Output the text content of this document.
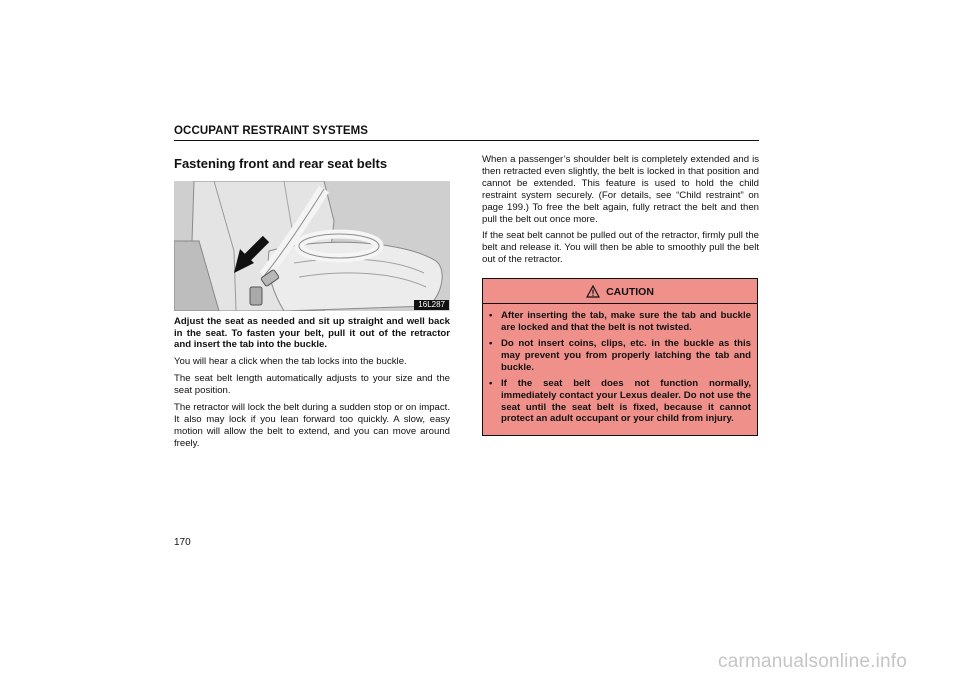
OCCUPANT RESTRAINT SYSTEMS
Fastening front and rear seat belts
16L287

Adjust the seat as needed and sit up straight and well back in the seat. To fasten your belt, pull it out of the retractor and insert the tab into the buckle.

You will hear a click when the tab locks into the buckle.

The seat belt length automatically adjusts to your size and the seat position.

The retractor will lock the belt during a sudden stop or on impact. It also may lock if you lean forward too quickly. A slow, easy motion will allow the belt to extend, and you can move around freely.

When a passenger’s shoulder belt is completely extended and is then retracted even slightly, the belt is locked in that position and cannot be extended. This feature is used to hold the child restraint system securely. (For details, see “Child restraint” on page 199.) To free the belt again, fully retract the belt and then pull the belt out once more.

If the seat belt cannot be pulled out of the retractor, firmly pull the belt and release it. You will then be able to smoothly pull the belt out of the retractor.

CAUTION
• After inserting the tab, make sure the tab and buckle are locked and that the belt is not twisted.
• Do not insert coins, clips, etc. in the buckle as this may prevent you from properly latching the tab and buckle.
• If the seat belt does not function normally, immediately contact your Lexus dealer. Do not use the seat until the seat belt is fixed, because it cannot protect an adult occupant or your child from injury.
170
carmanualsonline.info
